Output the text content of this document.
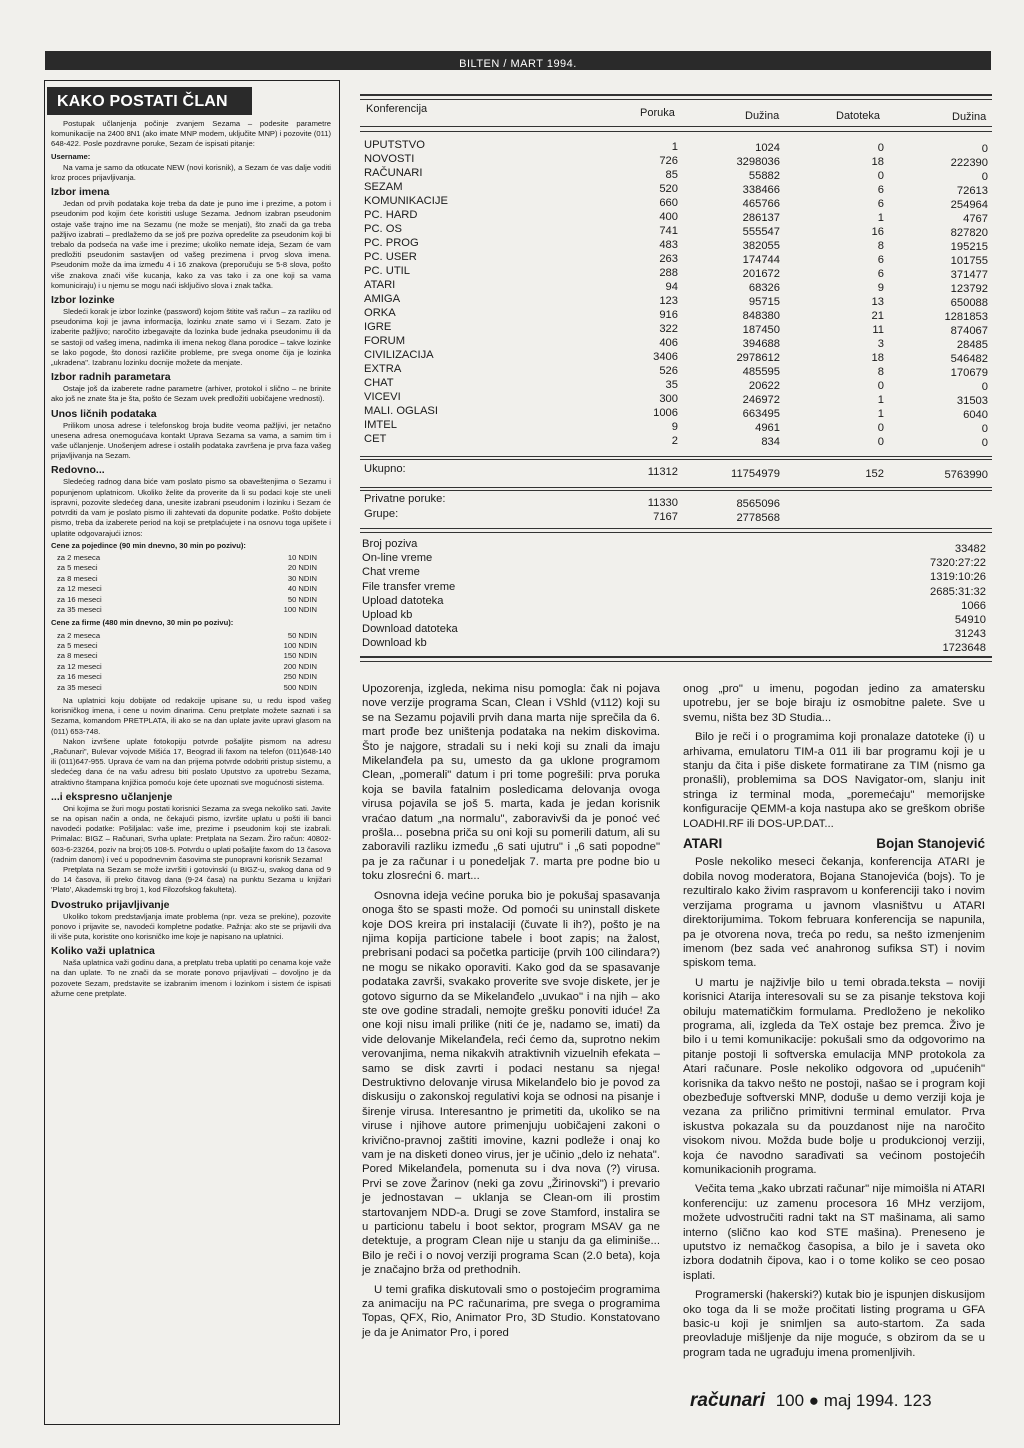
BILTEN / MART 1994.
KAKO POSTATI ČLAN

Postupak učlanjenja počinje zvanjem Sezama – podesite parametre komunikacije na 2400 8N1 (ako imate MNP modem, uključite MNP) i pozovite (011) 648-422. Posle pozdravne poruke, Sezam će ispisati pitanje:

Username:

Na vama je samo da otkucate NEW (novi korisnik), a Sezam će vas dalje voditi kroz proces prijavljivanja.

Izbor imena

Jedan od prvih podataka koje treba da date je puno ime i prezime, a potom i pseudonim pod kojim ćete koristiti usluge Sezama. Jednom izabran pseudonim ostaje vaše trajno ime na Sezamu (ne može se menjati), što znači da ga treba pažljivo izabrati – predlažemo da se još pre poziva opredelite za pseudonim koji bi trebalo da podseća na vaše ime i prezime; ukoliko nemate ideja, Sezam će vam predložiti pseudonim sastavljen od vašeg prezimena i prvog slova imena. Pseudonim može da ima između 4 i 16 znakova (preporučuju se 5-8 slova, pošto više znakova znači više kucanja, kako za vas tako i za one koji sa vama komuniciraju) i u njemu se mogu naći isključivo slova i znak tačka.

Izbor lozinke

Sledeći korak je izbor lozinke (password) kojom štitite vaš račun – za razliku od pseudonima koji je javna informacija, lozinku znate samo vi i Sezam. Zato je izaberite pažljivo; naročito izbegavajte da lozinka bude jednaka pseudonimu ili da se sastoji od vašeg imena, nadimka ili imena nekog člana porodice – takve lozinke se lako pogode, što donosi različite probleme, pre svega onome čija je lozinka „ukradena". Izabranu lozinku docnije možete da menjate.

Izbor radnih parametara

Ostaje još da izaberete radne parametre (arhiver, protokol i slično – ne brinite ako još ne znate šta je šta, pošto će Sezam uvek predložiti uobičajene vrednosti).

Unos ličnih podataka

Prilikom unosa adrese i telefonskog broja budite veoma pažljivi, jer netačno unesena adresa onemogućava kontakt Uprava Sezama sa vama, a samim tim i vaše učlanjenje. Unošenjem adrese i ostalih podataka završena je prva faza vašeg prijavljivanja na Sezam.

Redovno...

Sledećeg radnog dana biće vam poslato pismo sa obaveštenjima o Sezamu i popunjenom uplatnicom. Ukoliko želite da proverite da li su podaci koje ste uneli ispravni, pozovite sledećeg dana, unesite izabrani pseudonim i lozinku i Sezam će potvrditi da vam je poslato pismo ili zahtevati da dopunite podatke. Pošto dobijete pismo, treba da izaberete period na koji se pretplaćujete i na osnovu toga upišete i uplatite odgovarajući iznos:

Cene za pojedince (90 min dnevno, 30 min po pozivu):
za 2 meseca	10 NDIN
za 5 meseci	20 NDIN
za 8 meseci	30 NDIN
za 12 meseci	40 NDIN
za 16 meseci	50 NDIN
za 35 meseci	100 NDIN
Cene za firme (480 min dnevno, 30 min po pozivu):
za 2 meseca	50 NDIN
za 5 meseci	100 NDIN
za 8 meseci	150 NDIN
za 12 meseci	200 NDIN
za 16 meseci	250 NDIN
za 35 meseci	500 NDIN

Na uplatnici koju dobijate od redakcije upisane su, u redu ispod vašeg korisničkog imena, i cene u novim dinarima. Cenu pretplate možete saznati i sa Sezama, komandom PRETPLATA, ili ako se na dan uplate javite upravi glasom na (011) 653-748.

Nakon izvršene uplate fotokopiju potvrde pošaljite pismom na adresu „Računari", Bulevar vojvode Mišića 17, Beograd ili faxom na telefon (011)648-140 ili (011)647-955. Uprava će vam na dan prijema potvrde odobriti pristup sistemu, a sledećeg dana će na vašu adresu biti poslato Uputstvo za upotrebu Sezama, atraktivno štampana knjižica pomoću koje ćete upoznati sve mogućnosti sistema.

...i ekspresno učlanjenje

Oni kojima se žuri mogu postati korisnici Sezama za svega nekoliko sati. Javite se na opisan način a onda, ne čekajući pismo, izvršite uplatu u pošti ili banci navodeći podatke: Pošiljalac: vaše ime, prezime i pseudonim koji ste izabrali. Primalac: BIGZ – Računari, Svrha uplate: Pretplata na Sezam. Žiro račun: 40802-603-6-23264, poziv na broj:05 108-5. Potvrdu o uplati pošaljite faxom do 13 časova (radnim danom) i već u popodnevnim časovima ste punopravni korisnik Sezama!

Pretplata na Sezam se može izvršiti i gotovinski (u BIGZ-u, svakog dana od 9 do 14 časova, ili preko čitavog dana (9-24 časa) na punktu Sezama u knjižari 'Plato', Akademski trg broj 1, kod Filozofskog fakulteta).

Dvostruko prijavljivanje

Ukoliko tokom predstavljanja imate problema (npr. veza se prekine), pozovite ponovo i prijavite se, navodeći kompletne podatke. Pažnja: ako ste se prijavili dva ili više puta, koristite ono korisničko ime koje je napisano na uplatnici.

Koliko važi uplatnica

Naša uplatnica važi godinu dana, a pretplatu treba uplatiti po cenama koje važe na dan uplate. To ne znači da se morate ponovo prijavljivati – dovoljno je da pozovete Sezam, predstavite se izabranim imenom i lozinkom i sistem će ispisati ažurne cene pretplate.

Konferencija	Poruka	Dužina	Datoteka	Dužina
UPUTSTVO	1	1024	0	0
NOVOSTI	726	3298036	18	222390
RAČUNARI	85	55882	0	0
SEZAM	520	338466	6	72613
KOMUNIKACIJE	660	465766	6	254964
PC. HARD	400	286137	1	4767
PC. OS	741	555547	16	827820
PC. PROG	483	382055	8	195215
PC. USER	263	174744	6	101755
PC. UTIL	288	201672	6	371477
ATARI	94	68326	9	123792
AMIGA	123	95715	13	650088
ORKA	916	848380	21	1281853
IGRE	322	187450	11	874067
FORUM	406	394688	3	28485
CIVILIZACIJA	3406	2978612	18	546482
EXTRA	526	485595	8	170679
CHAT	35	20622	0	0
VICEVI	300	246972	1	31503
MALI. OGLASI	1006	663495	1	6040
IMTEL	9	4961	0	0
CET	2	834	0	0
Ukupno:	11312	11754979	152	5763990
Privatne poruke:	11330	8565096
Grupe:	7167	2778568
Broj poziva	33482
On-line vreme	7320:27:22
Chat vreme	1319:10:26
File transfer vreme	2685:31:32
Upload datoteka	1066
Upload kb	54910
Download datoteka	31243
Download kb	1723648

Upozorenja, izgleda, nekima nisu pomogla: čak ni pojava nove verzije programa Scan, Clean i VShld (v112) koji su se na Sezamu pojavili prvih dana marta nije sprečila da 6. mart prođe bez uništenja podataka na nekim diskovima. Što je najgore, stradali su i neki koji su znali da imaju Mikelanđela pa su, umesto da ga uklone programom Clean, „pomerali" datum i pri tome pogrešili: prva poruka koja se bavila fatalnim posledicama delovanja ovoga virusa pojavila se još 5. marta, kada je jedan korisnik vraćao datum „na normalu", zaboravivši da je ponoć već prošla... posebna priča su oni koji su pomerili datum, ali su zaboravili razliku između „6 sati ujutru" i „6 sati popodne" pa je za računar i u ponedeljak 7. marta pre podne bio u toku zlosrećni 6. mart...

Osnovna ideja većine poruka bio je pokušaj spasavanja onoga što se spasti može. Od pomoći su uninstall diskete koje DOS kreira pri instalaciji (čuvate li ih?), pošto je na njima kopija particione tabele i boot zapis; na žalost, prebrisani podaci sa početka particije (prvih 100 cilindara?) ne mogu se nikako oporaviti. Kako god da se spasavanje podataka završi, svakako proverite sve svoje diskete, jer je gotovo sigurno da se Mikelanđelo „uvukao" i na njih – ako ste ove godine stradali, nemojte grešku ponoviti iduće! Za one koji nisu imali prilike (niti će je, nadamo se, imati) da vide delovanje Mikelanđela, reći ćemo da, suprotno nekim verovanjima, nema nikakvih atraktivnih vizuelnih efekata – samo se disk zavrti i podaci nestanu sa njega! Destruktivno delovanje virusa Mikelanđelo bio je povod za diskusiju o zakonskoj regulativi koja se odnosi na pisanje i širenje virusa. Interesantno je primetiti da, ukoliko se na viruse i njihove autore primenjuju uobičajeni zakoni o krivično-pravnoj zaštiti imovine, kazni podleže i onaj ko vam je na disketi doneo virus, jer je učinio „delo iz nehata". Pored Mikelanđela, pomenuta su i dva nova (?) virusa. Prvi se zove Žarinov (neki ga zovu „Žirinovski") i prevario je jednostavan – uklanja se Clean-om ili prostim startovanjem NDD-a. Drugi se zove Stamford, instalira se u particionu tabelu i boot sektor, program MSAV ga ne detektuje, a program Clean nije u stanju da ga eliminiše... Bilo je reči i o novoj verziji programa Scan (2.0 beta), koja je značajno brža od prethodnih.

U temi grafika diskutovali smo o postojećim programima za animaciju na PC računarima, pre svega o programima Topas, QFX, Rio, Animator Pro, 3D Studio. Konstatovano je da je Animator Pro, i pored

onog „pro" u imenu, pogodan jedino za amatersku upotrebu, jer se boje biraju iz osmobitne palete. Sve u svemu, ništa bez 3D Studia...

Bilo je reči i o programima koji pronalaze datoteke (i) u arhivama, emulatoru TIM-a 011 ili bar programu koji je u stanju da čita i piše diskete formatirane za TIM (nismo ga pronašli), problemima sa DOS Navigator-om, slanju init stringa iz terminal moda, „poremećaju" memorijske konfiguracije QEMM-a koja nastupa ako se greškom obriše LOADHI.RF ili DOS-UP.DAT...

ATARI	Bojan Stanojević

Posle nekoliko meseci čekanja, konferencija ATARI je dobila novog moderatora, Bojana Stanojevića (bojs). To je rezultiralo kako živim raspravom u konferenciji tako i novim verzijama programa u javnom vlasništvu u ATARI direktorijumima. Tokom februara konferencija se napunila, pa je otvorena nova, treća po redu, sa nešto izmenjenim imenom (bez sada već anahronog sufiksa ST) i novim spiskom tema.

U martu je najživlje bilo u temi obrada.teksta – noviji korisnici Atarija interesovali su se za pisanje tekstova koji obiluju matematičkim formulama. Predloženo je nekoliko programa, ali, izgleda da TeX ostaje bez premca. Živo je bilo i u temi komunikacije: pokušali smo da odgovorimo na pitanje postoji li softverska emulacija MNP protokola za Atari računare. Posle nekoliko odgovora od „upućenih" korisnika da takvo nešto ne postoji, našao se i program koji obezbeđuje softverski MNP, doduše u demo verziji koja je vezana za prilično primitivni terminal emulator. Prva iskustva pokazala su da pouzdanost nije na naročito visokom nivou. Možda bude bolje u produkcionoj verziji, koja će navodno sarađivati sa većinom postojećih komunikacionih programa.

Večita tema „kako ubrzati računar" nije mimoišla ni ATARI konferenciju: uz zamenu procesora 16 MHz verzijom, možete udvostručiti radni takt na ST mašinama, ali samo interno (slično kao kod STE mašina). Preneseno je uputstvo iz nemačkog časopisa, a bilo je i saveta oko izbora dodatnih čipova, kao i o tome koliko se ceo posao isplati.

Programerski (hakerski?) kutak bio je ispunjen diskusijom oko toga da li se može pročitati listing programa u GFA basic-u koji je snimljen sa auto-startom. Za sada preovladuje mišljenje da nije moguće, s obzirom da se u program tada ne ugrađuju imena promenljivih.

računari 100 ● maj 1994. 123
